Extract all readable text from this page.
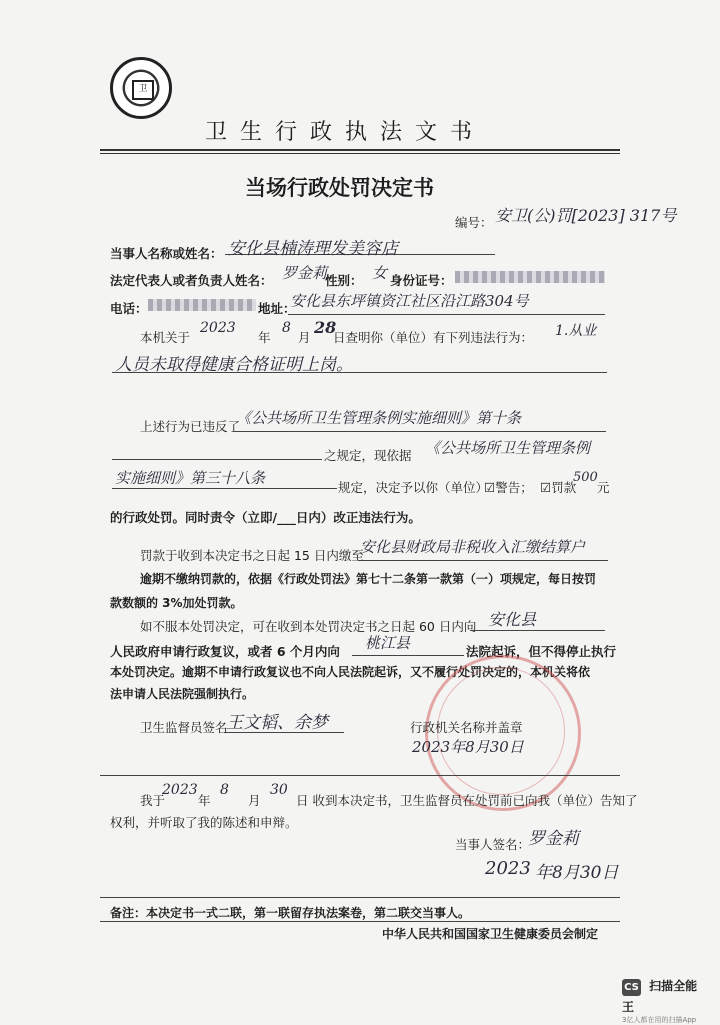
卫
卫生行政执法文书
当场行政处罚决定书
编号： 安卫(公)罚[2023] 317号
当事人名称或姓名： 安化县楠涛理发美容店
法定代表人或者负责人姓名： 罗金莉
性别： 女 身份证号：
电话：	地址：
安化县东坪镇资江社区沿江路304号
本机关于
2023
年
8
月
28
日查明你（单位）有下列违法行为： 1.从业
人员未取得健康合格证明上岗。
上述行为已违反了
《公共场所卫生管理条例实施细则》第十条
之规定，现依据 《公共场所卫生管理条例
实施细则》第三十八条
规定，决定予以你（单位）
☑警告； ☑罚款
500
元
的行政处罚。同时责令（立即/___日内）改正违法行为。
罚款于收到本决定书之日起 15 日内缴至
安化县财政局非税收入汇缴结算户
逾期不缴纳罚款的，依据《行政处罚法》第七十二条第一款第（一）项规定，每日按罚
款数额的 3%加处罚款。
如不服本处罚决定，可在收到本处罚决定书之日起 60 日内向 安化县
人民政府申请行政复议，或者 6 个月内向 桃江县	法院起诉，但不得停止执行
本处罚决定。逾期不申请行政复议也不向人民法院起诉，又不履行处罚决定的，本机关将依
法申请人民法院强制执行。
卫生监督员签名
王文韬、余梦	行政机关名称并盖章
2023年8月30日
我于
2023
年
8
月
30
日 收到本决定书，卫生监督员在处罚前已向我（单位）告知了
权利，并听取了我的陈述和申辩。
当事人签名：
罗金莉
2023 年8月30日
备注：本决定书一式二联，第一联留存执法案卷，第二联交当事人。
中华人民共和国国家卫生健康委员会制定
CS 扫描全能王
3亿人都在用的扫描App
